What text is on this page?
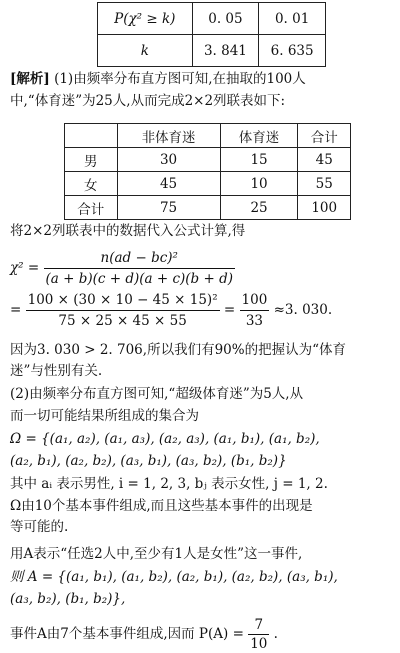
P(χ² ≥ k)	0. 05	0. 01
k	3. 841	6. 635
[解析] (1)由频率分布直方图可知,在抽取的100人
中,“体育迷”为25人,从而完成2×2列联表如下:
	非体育迷	体育迷	合计
男	30	15	45
女	45	10	55
合计	75	25	100
将2×2列联表中的数据代入公式计算,得
$\chi^2 = \frac{\text{n(ad − bc)²}}{(a + b)(c + d)(a + c)(b + d)}$
= $\frac{\text{100 × (30 × 10 − 45 × 15)²}}{75 \times 25 \times 45 \times 55} = \frac{100}{33} \approx 3$. 030.
因为3. 030 > 2. 706,所以我们有90%的把握认为“体育
迷”与性别有关.
(2)由频率分布直方图可知,“超级体育迷”为5人,从
而一切可能结果所组成的集合为
Ω = {(a₁, a₂), (a₁, a₃), (a₂, a₃), (a₁, b₁), (a₁, b₂),
(a₂, b₁), (a₂, b₂), (a₃, b₁), (a₃, b₂), (b₁, b₂)}
其中 aᵢ 表示男性, i = 1, 2, 3, bⱼ 表示女性, j = 1, 2.
Ω由10个基本事件组成,而且这些基本事件的出现是
等可能的.
用A表示“任选2人中,至少有1人是女性”这一事件,
则 A = {(a₁, b₁), (a₁, b₂), (a₂, b₁), (a₂, b₂), (a₃, b₁),
(a₃, b₂), (b₁, b₂)},
事件A由7个基本事件组成,因而 $P(A) = \frac{7}{10}$ .
